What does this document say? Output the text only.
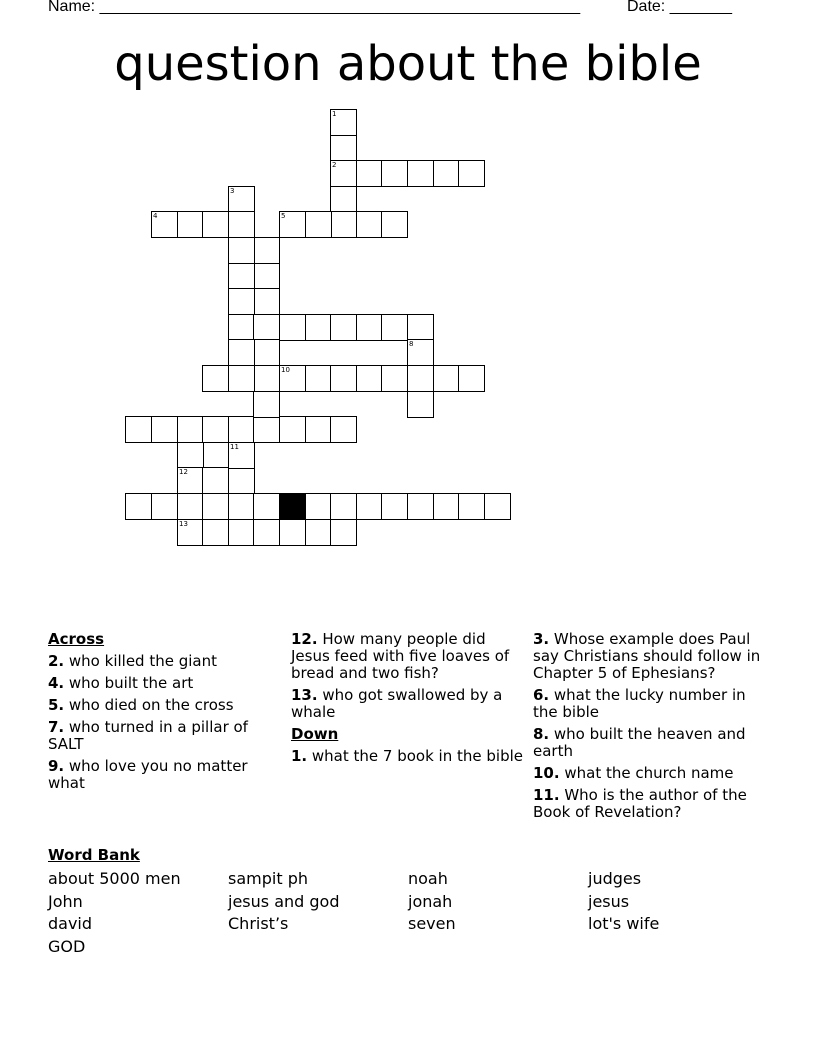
Name: ______________________________________________________	Date: _______
question about the bible
12
13
10
8
1
2
5
3
4
11
Across
2. who killed the giant
4. who built the art
5. who died on the cross
7. who turned in a pillar of SALT
9. who love you no matter what
12. How many people did Jesus feed with five loaves of bread and two fish?
13. who got swallowed by a whale
Down
1. what the 7 book in the bible
3. Whose example does Paul say Christians should follow in Chapter 5 of Ephesians?
6. what the lucky number in the bible
8. who built the heaven and earth
10. what the church name
11. Who is the author of the Book of Revelation?
Word Bank
about 5000 men	sampit ph	noah	judges
John	jesus and god	jonah	jesus
david	Christ’s	seven	lot's wife
GOD
